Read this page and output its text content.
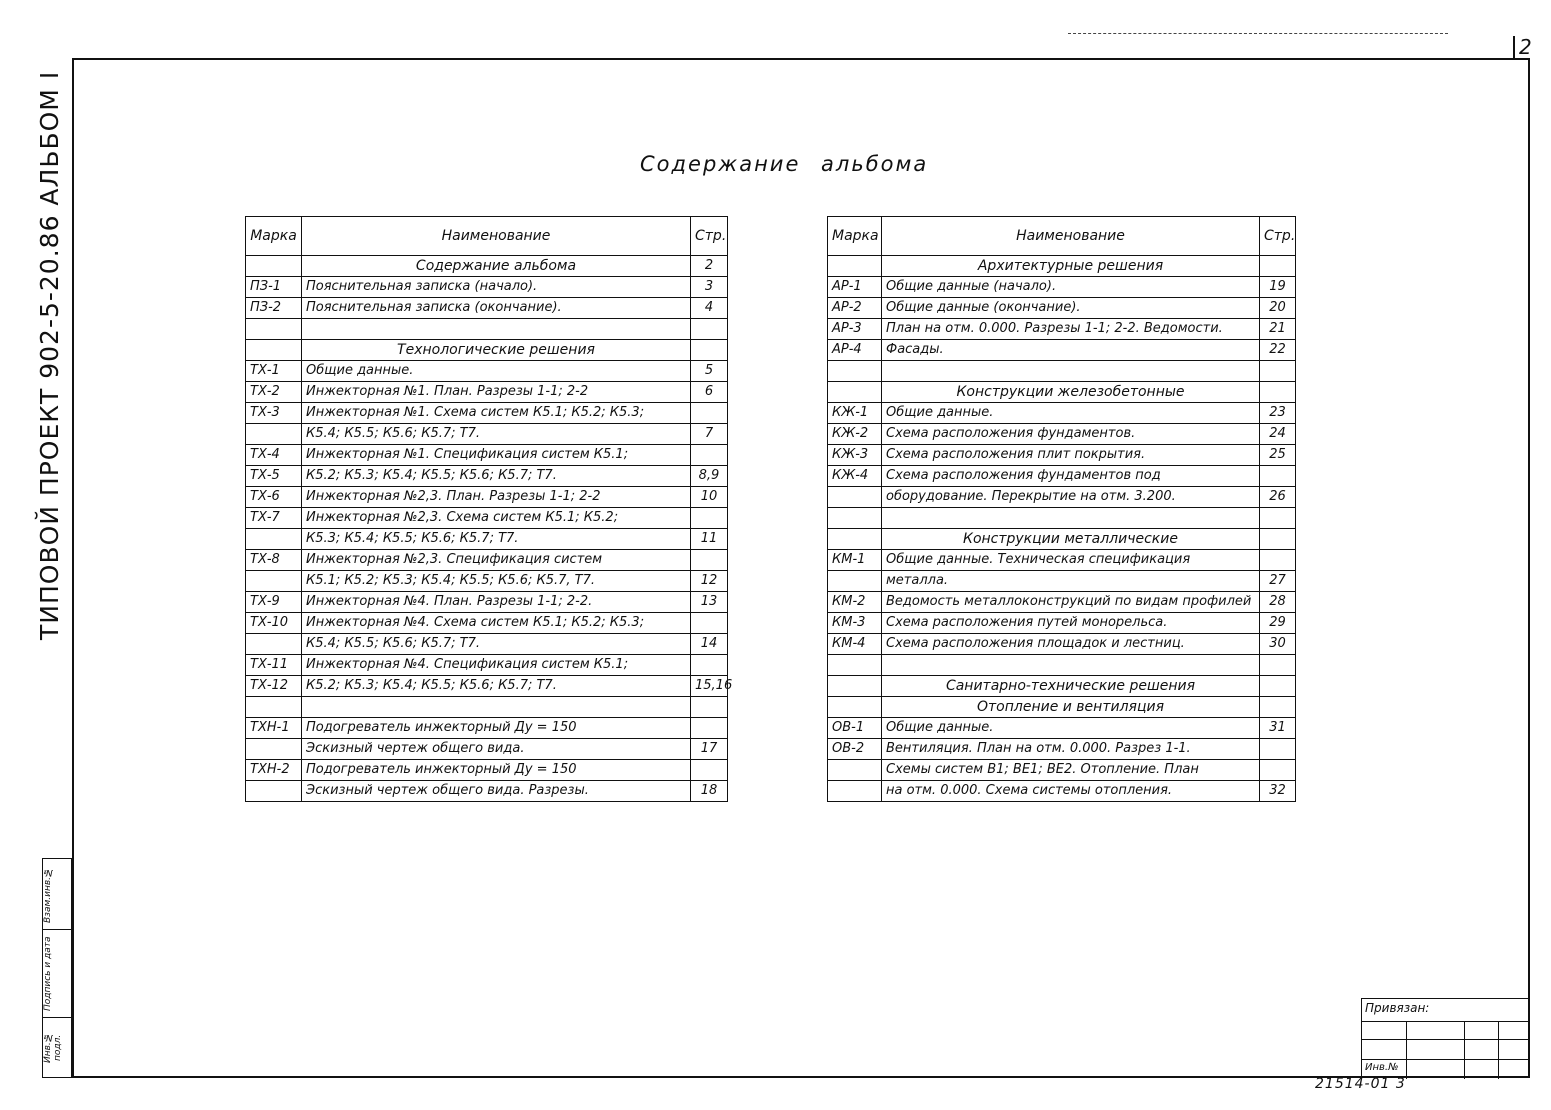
2
ТИПОВОЙ ПРОЕКТ 902-5-20.86 АЛЬБОМ I
Взам.инв.№
Подпись и дата
Инв.№ подл.
Содержание альбома
Марка	Наименование	Стр.
	Содержание альбома	2
ПЗ-1	Пояснительная записка (начало).	3
ПЗ-2	Пояснительная записка (окончание).	4

	Технологические решения	
ТХ-1	Общие данные.	5
ТХ-2	Инжекторная №1. План. Разрезы 1-1; 2-2	6
ТХ-3	Инжекторная №1. Схема систем К5.1; К5.2; К5.3;	
	К5.4; К5.5; К5.6; К5.7; Т7.	7
ТХ-4	Инжекторная №1. Спецификация систем К5.1;	
ТХ-5	К5.2; К5.3; К5.4; К5.5; К5.6; К5.7; Т7.	8,9
ТХ-6	Инжекторная №2,3. План. Разрезы 1-1; 2-2	10
ТХ-7	Инжекторная №2,3. Схема систем К5.1; К5.2;	
	К5.3; К5.4; К5.5; К5.6; К5.7; Т7.	11
ТХ-8	Инжекторная №2,3. Спецификация систем	
	К5.1; К5.2; К5.3; К5.4; К5.5; К5.6; К5.7, Т7.	12
ТХ-9	Инжекторная №4. План. Разрезы 1-1; 2-2.	13
ТХ-10	Инжекторная №4. Схема систем К5.1; К5.2; К5.3;	
	К5.4; К5.5; К5.6; К5.7; Т7.	14
ТХ-11	Инжекторная №4. Спецификация систем К5.1;	
ТХ-12	К5.2; К5.3; К5.4; К5.5; К5.6; К5.7; Т7.	15,16

ТХН-1	Подогреватель инжекторный Ду = 150	
	Эскизный чертеж общего вида.	17
ТХН-2	Подогреватель инжекторный Ду = 150	
	Эскизный чертеж общего вида. Разрезы.	18
Марка	Наименование	Стр.
	Архитектурные решения	
АР-1	Общие данные (начало).	19
АР-2	Общие данные (окончание).	20
АР-3	План на отм. 0.000. Разрезы 1-1; 2-2. Ведомости.	21
АР-4	Фасады.	22

	Конструкции железобетонные	
КЖ-1	Общие данные.	23
КЖ-2	Схема расположения фундаментов.	24
КЖ-3	Схема расположения плит покрытия.	25
КЖ-4	Схема расположения фундаментов под	
	оборудование. Перекрытие на отм. 3.200.	26

	Конструкции металлические	
КМ-1	Общие данные. Техническая спецификация	
	металла.	27
КМ-2	Ведомость металлоконструкций по видам профилей	28
КМ-3	Схема расположения путей монорельса.	29
КМ-4	Схема расположения площадок и лестниц.	30

	Санитарно-технические решения	
	Отопление и вентиляция	
ОВ-1	Общие данные.	31
ОВ-2	Вентиляция. План на отм. 0.000. Разрез 1-1.	
	Схемы систем В1; ВЕ1; ВЕ2. Отопление. План	
	на отм. 0.000. Схема системы отопления.	32
Привязан:
Инв.№
21514-01 3
